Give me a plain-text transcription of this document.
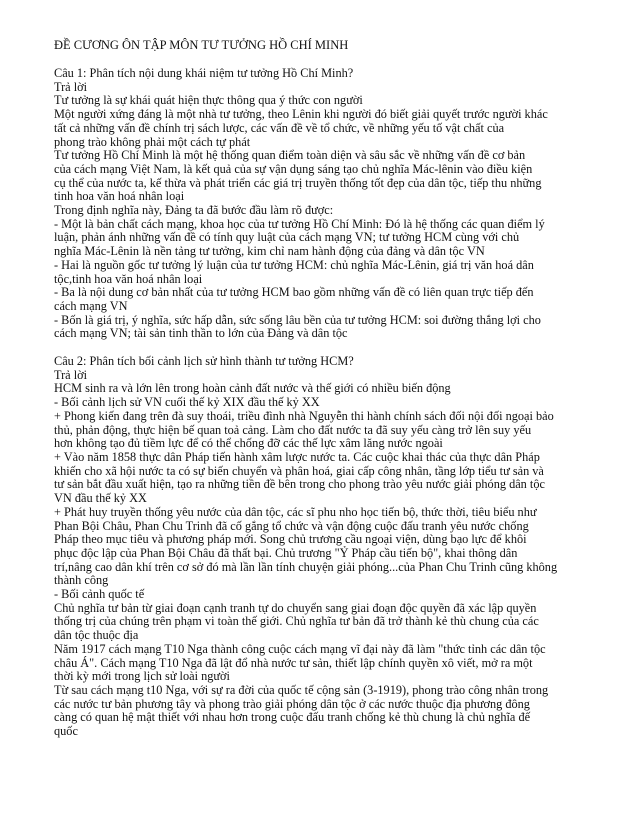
ĐỀ CƯƠNG ÔN TẬP MÔN TƯ TƯỞNG HỒ CHÍ MINH

Câu 1: Phân tích nội dung khái niệm tư tưởng Hồ Chí Minh?

Trả lời

Tư tưởng là sự khái quát hiện thực thông qua ý thức con người

Một người xứng đáng là một nhà tư tưởng, theo Lênin khi người đó biết giải quyết trước người khác

tất cả những vấn đề chính trị sách lược, các vấn đề về tổ chức, về những yếu tố vật chất của

phong trào không phải một cách tự phát

Tư tưởng Hồ Chí Minh là một hệ thống quan điểm toàn diện và sâu sắc về những vấn đề cơ bản

của cách mạng Việt Nam, là kết quả của sự vận dụng sáng tạo chủ nghĩa Mác-lênin vào điều kiện

cụ thể của nước ta, kế thừa và phát triển các giá trị truyền thống tốt đẹp của dân tộc, tiếp thu những

tinh hoa văn hoá nhân loại

Trong định nghĩa này, Đảng ta đã bước đầu làm rõ được:

- Một là bản chất cách mạng, khoa học của tư tưởng Hồ Chí Minh: Đó là hệ thống các quan điểm lý

luận, phản ánh những vấn đề có tính quy luật của cách mạng VN; tư tưởng HCM cùng với chủ

nghĩa Mác-Lênin là nền tảng tư tưởng, kim chỉ nam hành động của đảng và dân tộc VN

- Hai là nguồn gốc tư tưởng lý luận của tư tưởng HCM: chủ nghĩa Mác-Lênin, giá trị văn hoá dân

tộc,tinh hoa văn hoá nhân loại

- Ba là nội dung cơ bản nhất của tư tưởng HCM bao gồm những vấn đề có liên quan trực tiếp đến

cách mạng VN

- Bốn là giá trị, ý nghĩa, sức hấp dẫn, sức sống lâu bền của tư tưởng HCM: soi đường thắng lợi cho

cách mạng VN; tài sản tinh thần to lớn của Đảng và dân tộc

Câu 2: Phân tích bối cảnh lịch sử hình thành tư tưởng HCM?

Trả lời

HCM sinh ra và lớn lên trong hoàn cảnh đất nước và thế giới có nhiều biến động

- Bối cảnh lịch sử VN cuối thế kỷ XIX đầu thế kỷ XX

+ Phong kiến đang trên đà suy thoái, triều đình nhà Nguyễn thi hành chính sách đối nội đối ngoại bảo

thủ, phản động, thực hiện bế quan toả cảng. Làm cho đất nước ta đã suy yếu càng trở lên suy yếu

hơn không tạo đủ tiềm lực để có thể chống đỡ các thế lực xâm lăng nước ngoài

+ Vào năm 1858 thực dân Pháp tiến hành xâm lược nước ta. Các cuộc khai thác của thực dân Pháp

khiến cho xã hội nước ta có sự biến chuyển và phân hoá, giai cấp công nhân, tầng lớp tiểu tư sản và

tư sản bắt đầu xuất hiện, tạo ra những tiền đề bên trong cho phong trào yêu nước giải phóng dân tộc

VN đầu thế kỷ XX

+ Phát huy truyền thống yêu nước của dân tộc, các sĩ phu nho học tiến bộ, thức thời, tiêu biểu như

Phan Bội Châu, Phan Chu Trinh đã cố gắng tổ chức và vận động cuộc đấu tranh yêu nước chống

Pháp theo mục tiêu và phương pháp mới. Song chủ trương cầu ngoại viện, dùng bạo lực để khôi

phục độc lập của Phan Bội Châu đã thất bại. Chủ trương "Ỷ Pháp cầu tiến bộ", khai thông dân

trí,nâng cao dân khí trên cơ sở đó mà lần lần tính chuyện giải phóng...của Phan Chu Trinh cũng không

thành công

- Bối cảnh quốc tế

Chủ nghĩa tư bản từ giai đoạn cạnh tranh tự do chuyển sang giai đoạn độc quyền đã xác lập quyền

thống trị của chúng trên phạm vi toàn thế giới. Chủ nghĩa tư bản đã trở thành kẻ thù chung của các

dân tộc thuộc địa

Năm 1917 cách mạng T10 Nga thành công cuộc cách mạng vĩ đại này đã làm "thức tỉnh các dân tộc

châu Á". Cách mạng T10 Nga đã lật đổ nhà nước tư sản, thiết lập chính quyền xô viết, mở ra một

thời kỳ mới trong lịch sử loài người

Từ sau cách mạng t10 Nga, với sự ra đời của quốc tế cộng sản (3-1919), phong trào công nhân trong

các nước tư bản phương tây và phong trào giải phóng dân tộc ở các nước thuộc địa phương đông

càng có quan hệ mật thiết với nhau hơn trong cuộc đấu tranh chống kẻ thù chung là chủ nghĩa đế

quốc
